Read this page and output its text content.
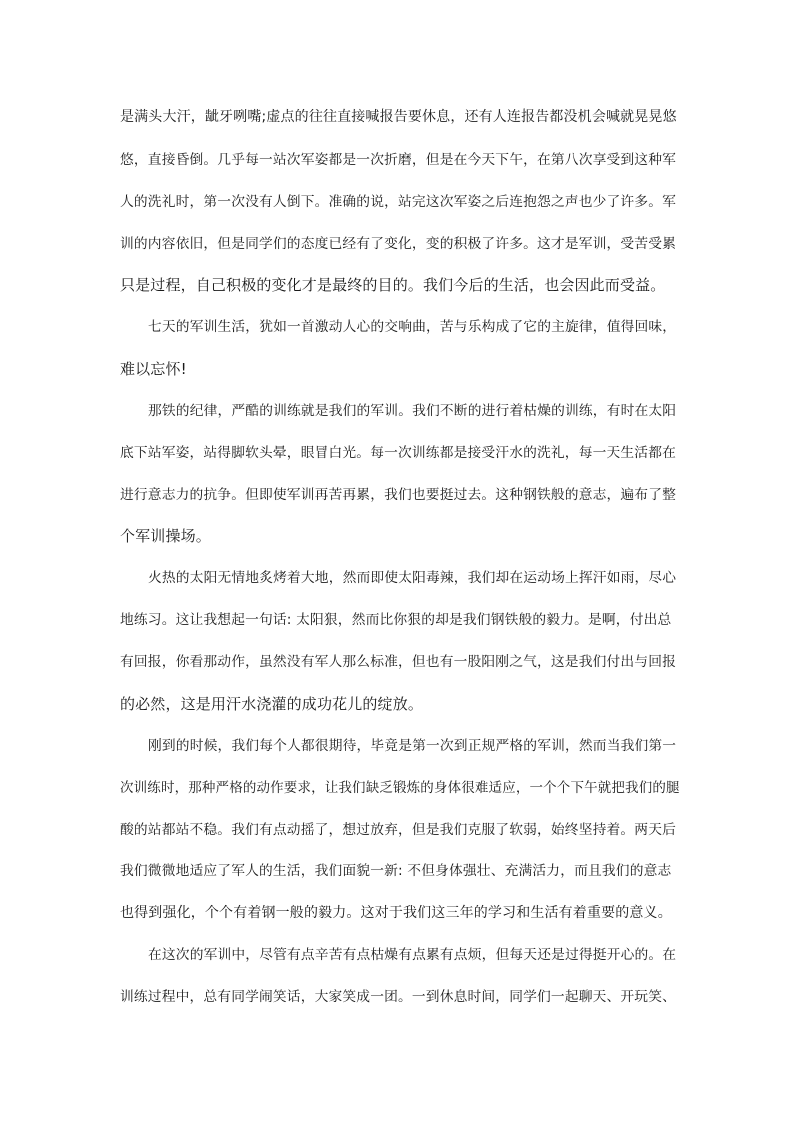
是满头大汗，龇牙咧嘴;虚点的往往直接喊报告要休息，还有人连报告都没机会喊就晃晃悠
悠，直接昏倒。几乎每一站次军姿都是一次折磨，但是在今天下午，在第八次享受到这种军
人的洗礼时，第一次没有人倒下。准确的说，站完这次军姿之后连抱怨之声也少了许多。军
训的内容依旧，但是同学们的态度已经有了变化，变的积极了许多。这才是军训，受苦受累
只是过程，自己积极的变化才是最终的目的。我们今后的生活，也会因此而受益。
七天的军训生活，犹如一首激动人心的交响曲，苦与乐构成了它的主旋律，值得回味，
难以忘怀!
那铁的纪律，严酷的训练就是我们的军训。我们不断的进行着枯燥的训练，有时在太阳
底下站军姿，站得脚软头晕，眼冒白光。每一次训练都是接受汗水的洗礼，每一天生活都在
进行意志力的抗争。但即使军训再苦再累，我们也要挺过去。这种钢铁般的意志，遍布了整
个军训操场。
火热的太阳无情地炙烤着大地，然而即使太阳毒辣，我们却在运动场上挥汗如雨，尽心
地练习。这让我想起一句话: 太阳狠，然而比你狠的却是我们钢铁般的毅力。是啊，付出总
有回报，你看那动作，虽然没有军人那么标准，但也有一股阳刚之气，这是我们付出与回报
的必然，这是用汗水浇灌的成功花儿的绽放。
刚到的时候，我们每个人都很期待，毕竟是第一次到正规严格的军训，然而当我们第一
次训练时，那种严格的动作要求，让我们缺乏锻炼的身体很难适应，一个个下午就把我们的腿
酸的站都站不稳。我们有点动摇了，想过放弃，但是我们克服了软弱，始终坚持着。两天后
我们微微地适应了军人的生活，我们面貌一新: 不但身体强壮、充满活力，而且我们的意志
也得到强化，个个有着钢一般的毅力。这对于我们这三年的学习和生活有着重要的意义。
在这次的军训中，尽管有点辛苦有点枯燥有点累有点烦，但每天还是过得挺开心的。在
训练过程中，总有同学闹笑话，大家笑成一团。一到休息时间，同学们一起聊天、开玩笑、
